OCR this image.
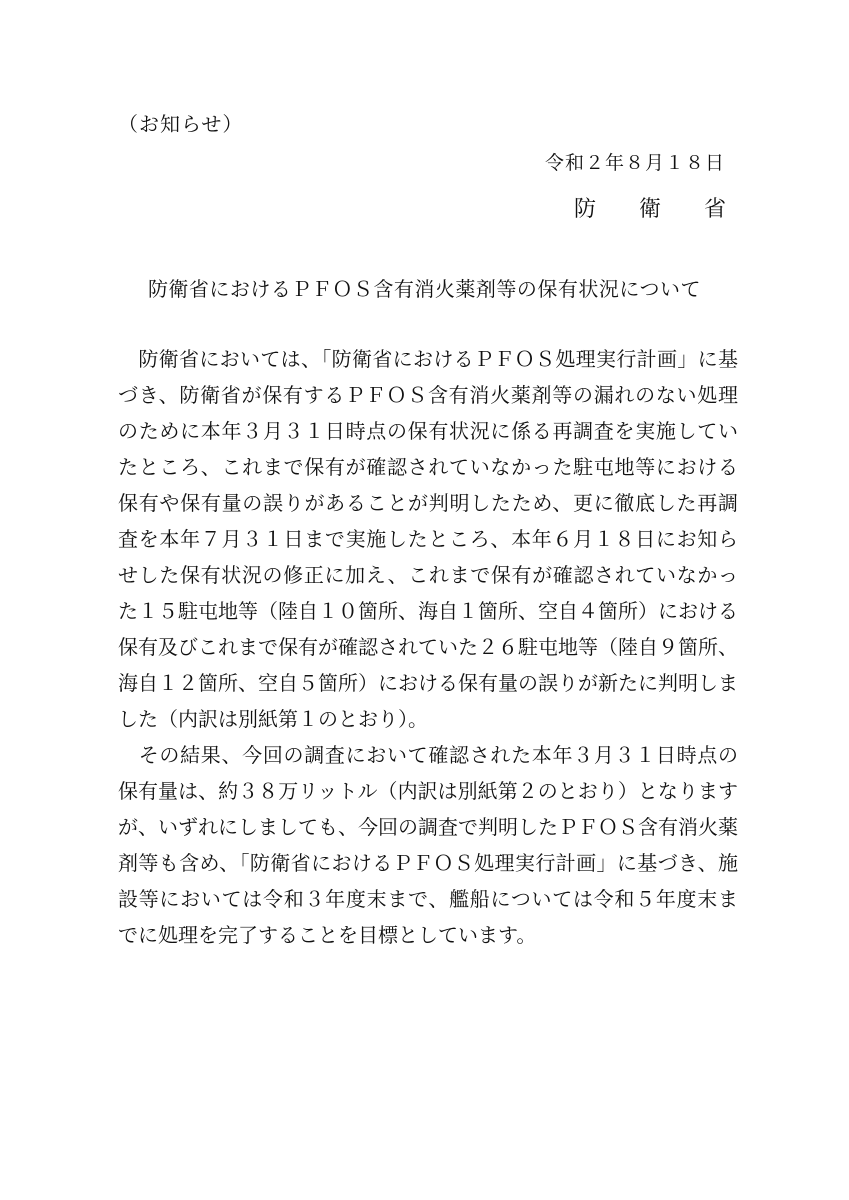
（お知らせ）
令和２年８月１８日
防 衛 省
防衛省におけるＰＦＯＳ含有消火薬剤等の保有状況について
　防衛省においては、「防衛省におけるＰＦＯＳ処理実行計画」に基
づき、防衛省が保有するＰＦＯＳ含有消火薬剤等の漏れのない処理
のために本年３月３１日時点の保有状況に係る再調査を実施してい
たところ、これまで保有が確認されていなかった駐屯地等における
保有や保有量の誤りがあることが判明したため、更に徹底した再調
査を本年７月３１日まで実施したところ、本年６月１８日にお知ら
せした保有状況の修正に加え、これまで保有が確認されていなかっ
た１５駐屯地等（陸自１０箇所、海自１箇所、空自４箇所）における
保有及びこれまで保有が確認されていた２６駐屯地等（陸自９箇所、
海自１２箇所、空自５箇所）における保有量の誤りが新たに判明しま
した（内訳は別紙第１のとおり）。
　その結果、今回の調査において確認された本年３月３１日時点の
保有量は、約３８万リットル（内訳は別紙第２のとおり）となります
が、いずれにしましても、今回の調査で判明したＰＦＯＳ含有消火薬
剤等も含め、「防衛省におけるＰＦＯＳ処理実行計画」に基づき、施
設等においては令和３年度末まで、艦船については令和５年度末ま
でに処理を完了することを目標としています。
